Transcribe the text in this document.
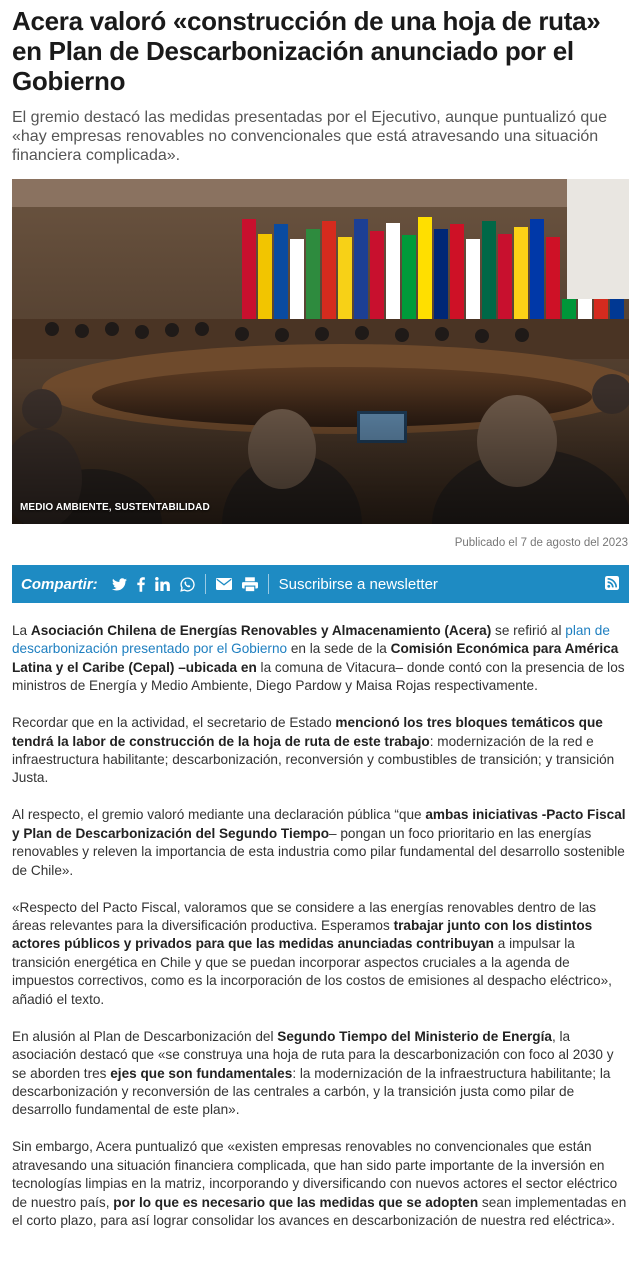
Acera valoró «construcción de una hoja de ruta» en Plan de Descarbonización anunciado por el Gobierno

El gremio destacó las medidas presentadas por el Ejecutivo, aunque puntualizó que «hay empresas renovables no convencionales que está atravesando una situación financiera complicada».

MEDIO AMBIENTE, SUSTENTABILIDAD
Publicado el 7 de agosto del 2023
Compartir:	Suscribirse a newsletter

La Asociación Chilena de Energías Renovables y Almacenamiento (Acera) se refirió al plan de descarbonización presentado por el Gobierno en la sede de la Comisión Económica para América Latina y el Caribe (Cepal) –ubicada en la comuna de Vitacura– donde contó con la presencia de los ministros de Energía y Medio Ambiente, Diego Pardow y Maisa Rojas respectivamente.

Recordar que en la actividad, el secretario de Estado mencionó los tres bloques temáticos que tendrá la labor de construcción de la hoja de ruta de este trabajo: modernización de la red e infraestructura habilitante; descarbonización, reconversión y combustibles de transición; y transición Justa.

Al respecto, el gremio valoró mediante una declaración pública “que ambas iniciativas -Pacto Fiscal y Plan de Descarbonización del Segundo Tiempo– pongan un foco prioritario en las energías renovables y releven la importancia de esta industria como pilar fundamental del desarrollo sostenible de Chile».

«Respecto del Pacto Fiscal, valoramos que se considere a las energías renovables dentro de las áreas relevantes para la diversificación productiva. Esperamos trabajar junto con los distintos actores públicos y privados para que las medidas anunciadas contribuyan a impulsar la transición energética en Chile y que se puedan incorporar aspectos cruciales a la agenda de impuestos correctivos, como es la incorporación de los costos de emisiones al despacho eléctrico», añadió el texto.

En alusión al Plan de Descarbonización del Segundo Tiempo del Ministerio de Energía, la asociación destacó que «se construya una hoja de ruta para la descarbonización con foco al 2030 y se aborden tres ejes que son fundamentales: la modernización de la infraestructura habilitante; la descarbonización y reconversión de las centrales a carbón, y la transición justa como pilar de desarrollo fundamental de este plan».

Sin embargo, Acera puntualizó que «existen empresas renovables no convencionales que están atravesando una situación financiera complicada, que han sido parte importante de la inversión en tecnologías limpias en la matriz, incorporando y diversificando con nuevos actores el sector eléctrico de nuestro país, por lo que es necesario que las medidas que se adopten sean implementadas en el corto plazo, para así lograr consolidar los avances en descarbonización de nuestra red eléctrica».
